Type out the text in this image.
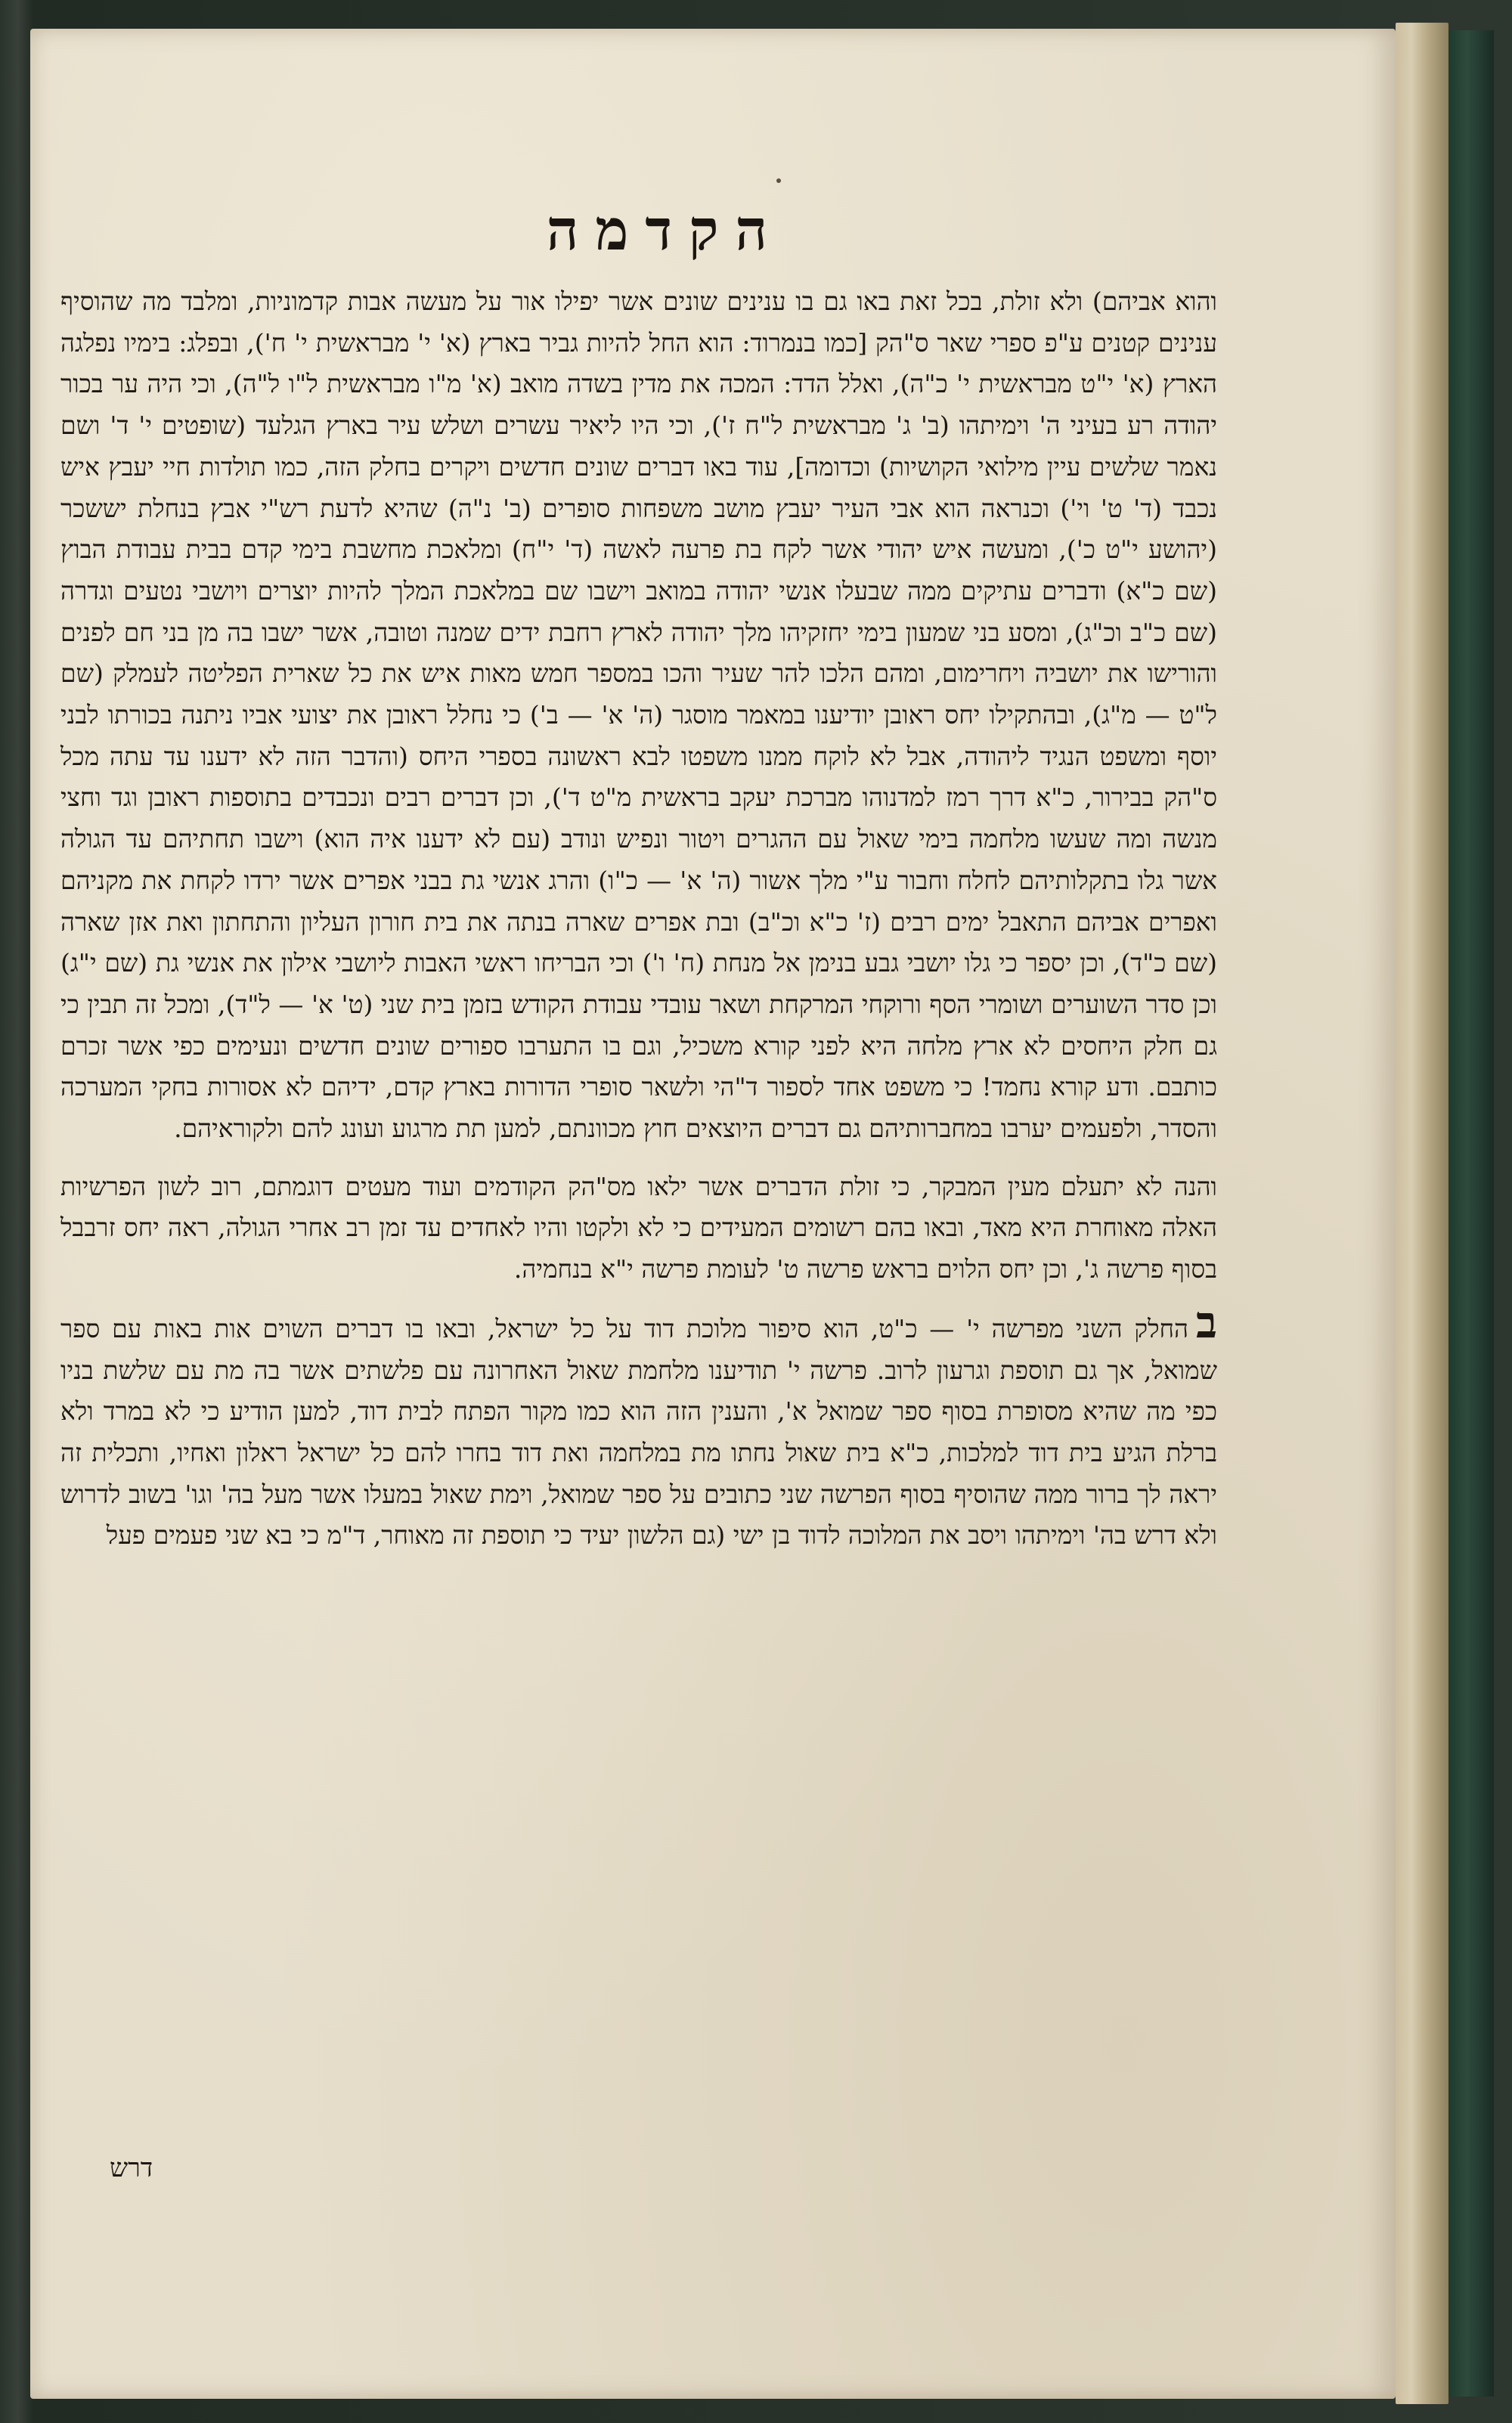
הקדמה

והוא אביהם) ולא זולת, בכל זאת באו גם בו ענינים שונים אשר יפילו אור על מעשה אבות קדמוניות, ומלבד מה שהוסיף ענינים קטנים ע"פ ספרי שאר ס"הק [כמו בנמרוד: הוא החל להיות גביר בארץ (א' י' מבראשית י' ח'), ובפלג: בימיו נפלגה הארץ (א' י"ט מבראשית י' כ"ה), ואלל הדד: המכה את מדין בשדה מואב (א' מ"ו מבראשית ל"ו ל"ה), וכי היה ער בכור יהודה רע בעיני ה' וימיתהו (ב' ג' מבראשית ל"ח ז'), וכי היו ליאיר עשרים ושלש עיר בארץ הגלעד (שופטים י' ד' ושם נאמר שלשים עיין מילואי הקושיות) וכדומה], עוד באו דברים שונים חדשים ויקרים בחלק הזה, כמו תולדות חיי יעבץ איש נכבד (ד' ט' וי') וכנראה הוא אבי העיר יעבץ מושב משפחות סופרים (ב' נ"ה) שהיא לדעת רש"י אבץ בנחלת יששכר (יהושע י"ט כ'), ומעשה איש יהודי אשר לקח בת פרעה לאשה (ד' י"ח) ומלאכת מחשבת בימי קדם בבית עבודת הבוץ (שם כ"א) ודברים עתיקים ממה שבעלו אנשי יהודה במואב וישבו שם במלאכת המלך להיות יוצרים ויושבי נטעים וגדרה (שם כ"ב וכ"ג), ומסע בני שמעון בימי יחזקיהו מלך יהודה לארץ רחבת ידים שמנה וטובה, אשר ישבו בה מן בני חם לפנים והורישו את יושביה ויחרימום, ומהם הלכו להר שעיר והכו במספר חמש מאות איש את כל שארית הפליטה לעמלק (שם ל"ט — מ"ג), ובהתקילו יחס ראובן יודיענו במאמר מוסגר (ה' א' — ב') כי נחלל ראובן את יצועי אביו ניתנה בכורתו לבני יוסף ומשפט הנגיד ליהודה, אבל לא לוקח ממנו משפטו לבא ראשונה בספרי היחס (והדבר הזה לא ידענו עד עתה מכל ס"הק בבירור, כ"א דרך רמז למדנוהו מברכת יעקב בראשית מ"ט ד'), וכן דברים רבים ונכבדים בתוספות ראובן וגד וחצי מנשה ומה שעשו מלחמה בימי שאול עם ההגרים ויטור ונפיש ונודב (עם לא ידענו איה הוא) וישבו תחתיהם עד הגולה אשר גלו בתקלותיהם לחלח וחבור ע"י מלך אשור (ה' א' — כ"ו) והרג אנשי גת בבני אפרים אשר ירדו לקחת את מקניהם ואפרים אביהם התאבל ימים רבים (ז' כ"א וכ"ב) ובת אפרים שארה בנתה את בית חורון העליון והתחתון ואת אזן שארה (שם כ"ד), וכן יספר כי גלו יושבי גבע בנימן אל מנחת (ח' ו') וכי הבריחו ראשי האבות ליושבי אילון את אנשי גת (שם י"ג) וכן סדר השוערים ושומרי הסף ורוקחי המרקחת ושאר עובדי עבודת הקודש בזמן בית שני (ט' א' — ל"ד), ומכל זה תבין כי גם חלק היחסים לא ארץ מלחה היא לפני קורא משכיל, וגם בו התערבו ספורים שונים חדשים ונעימים כפי אשר זכרם כותבם. ודע קורא נחמד! כי משפט אחד לספור ד"הי ולשאר סופרי הדורות בארץ קדם, ידיהם לא אסורות בחקי המערכה והסדר, ולפעמים יערבו במחברותיהם גם דברים היוצאים חוץ מכוונתם, למען תת מרגוע ועונג להם ולקוראיהם.

והנה לא יתעלם מעין המבקר, כי זולת הדברים אשר ילאו מס"הק הקודמים ועוד מעטים דוגמתם, רוב לשון הפרשיות האלה מאוחרת היא מאד, ובאו בהם רשומים המעידים כי לא ולקטו והיו לאחדים עד זמן רב אחרי הגולה, ראה יחס זרבבל בסוף פרשה ג', וכן יחס הלוים בראש פרשה ט' לעומת פרשה י"א בנחמיה.

בהחלק השני מפרשה י' — כ"ט, הוא סיפור מלוכת דוד על כל ישראל, ובאו בו דברים השוים אות באות עם ספר שמואל, אך גם תוספת וגרעון לרוב. פרשה י' תודיענו מלחמת שאול האחרונה עם פלשתים אשר בה מת עם שלשת בניו כפי מה שהיא מסופרת בסוף ספר שמואל א', והענין הזה הוא כמו מקור הפתח לבית דוד, למען הודיע כי לא במרד ולא ברלת הגיע בית דוד למלכות, כ"א בית שאול נחתו מת במלחמה ואת דוד בחרו להם כל ישראל ראלון ואחיו, ותכלית זה יראה לך ברור ממה שהוסיף בסוף הפרשה שני כתובים על ספר שמואל, וימת שאול במעלו אשר מעל בה' וגו' בשוב לדרוש ולא דרש בה' וימיתהו ויסב את המלוכה לדוד בן ישי (גם הלשון יעיד כי תוספת זה מאוחר, ד"מ כי בא שני פעמים פעל

דרש
